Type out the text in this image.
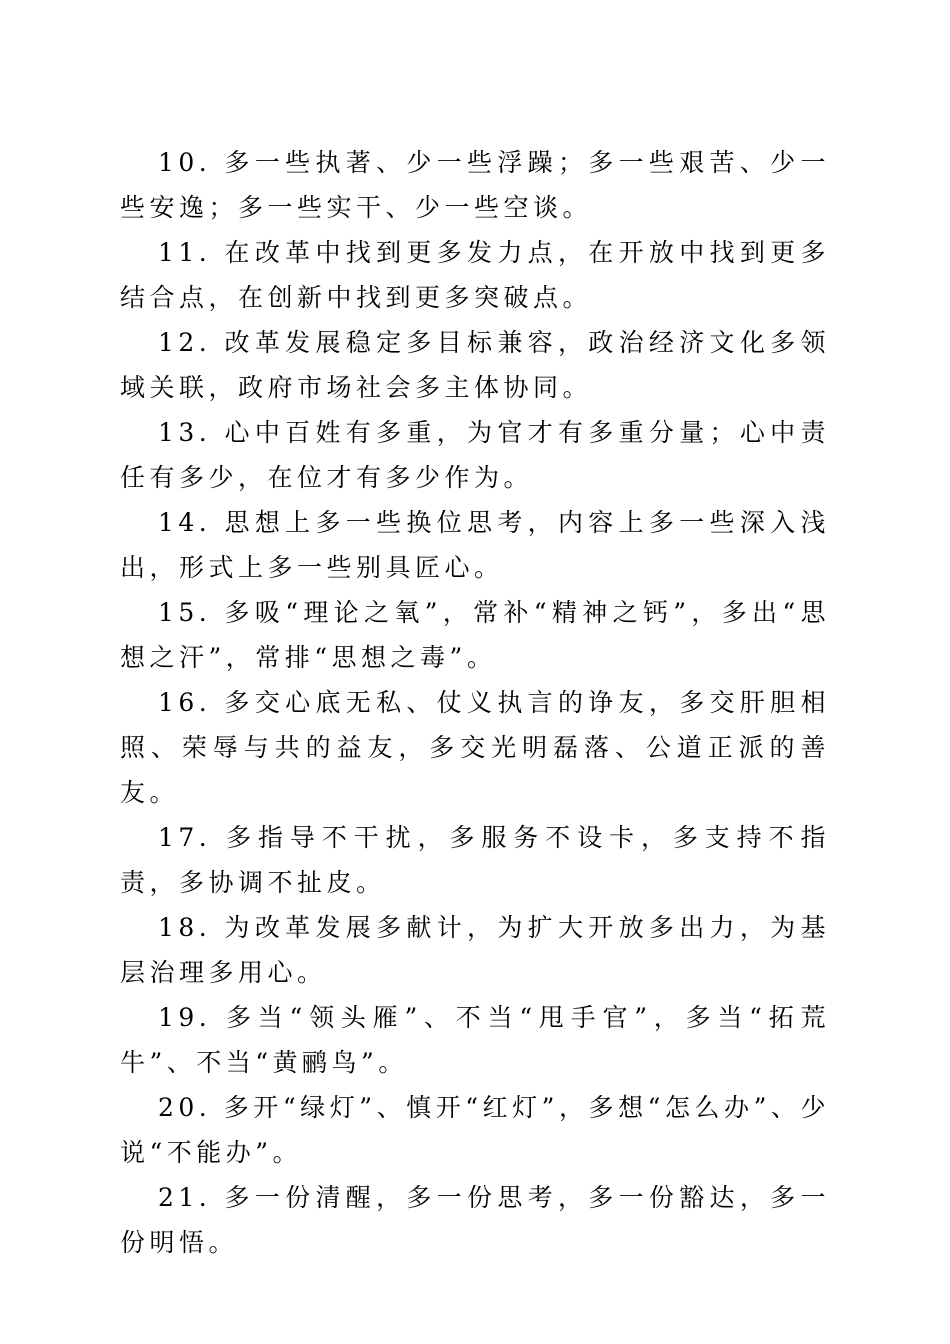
10. 多一些执著、少一些浮躁；多一些艰苦、少一些安逸；多一些实干、少一些空谈。

11. 在改革中找到更多发力点，在开放中找到更多结合点，在创新中找到更多突破点。

12. 改革发展稳定多目标兼容，政治经济文化多领域关联，政府市场社会多主体协同。

13. 心中百姓有多重，为官才有多重分量；心中责任有多少，在位才有多少作为。

14. 思想上多一些换位思考，内容上多一些深入浅出，形式上多一些别具匠心。

15. 多吸“理论之氧”，常补“精神之钙”，多出“思想之汗”，常排“思想之毒”。

16. 多交心底无私、仗义执言的诤友，多交肝胆相照、荣辱与共的益友，多交光明磊落、公道正派的善友。

17. 多指导不干扰，多服务不设卡，多支持不指责，多协调不扯皮。

18. 为改革发展多献计，为扩大开放多出力，为基层治理多用心。

19. 多当“领头雁”、不当“甩手官”，多当“拓荒牛”、不当“黄鹂鸟”。

20. 多开“绿灯”、慎开“红灯”，多想“怎么办”、少说“不能办”。

21. 多一份清醒，多一份思考，多一份豁达，多一份明悟。
